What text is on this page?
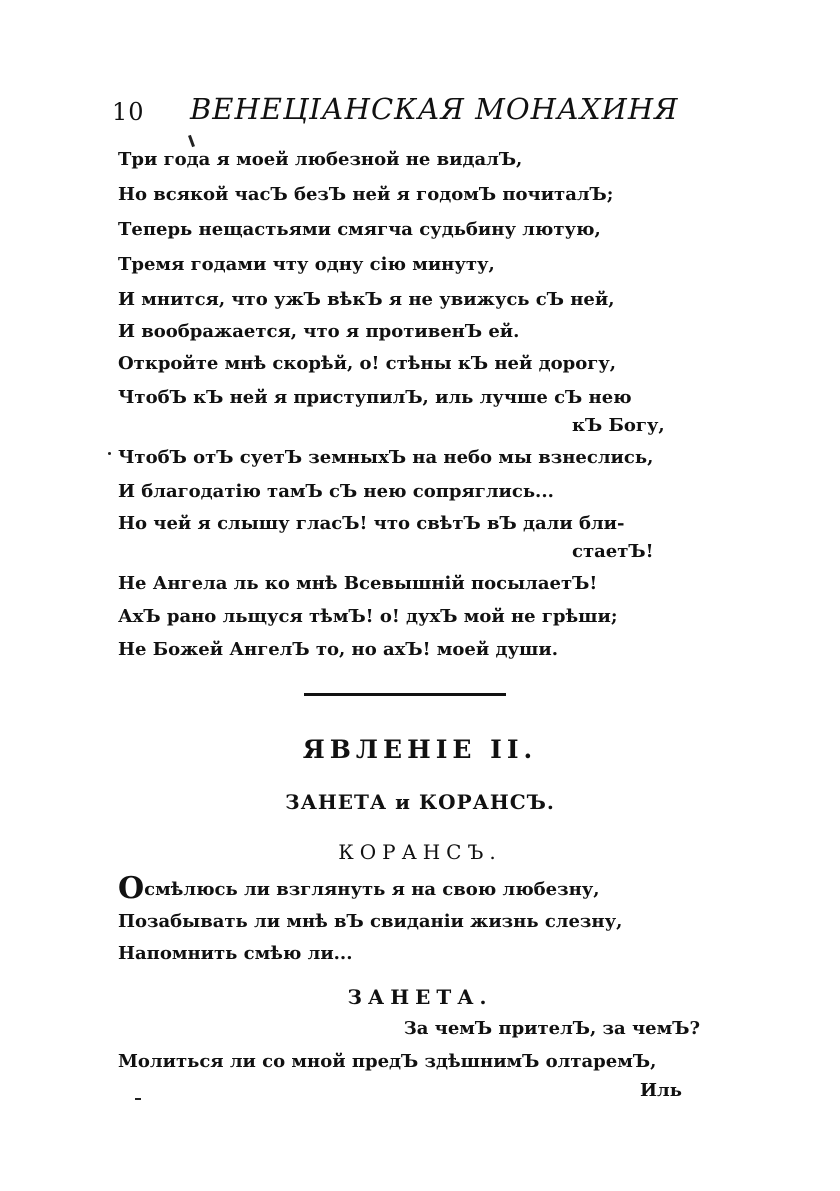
10 ВЕНЕЦIАНСКАЯ МОНАХИНЯ
Три года я моей любезной не видалЪ,
Но всякой часЪ безЪ ней я годомЪ почиталЪ;
Теперь нещастьями смягча судьбину лютую,
Тремя годами чту одну сiю минуту,
И мнится, что ужЪ вѣкЪ я не увижусь сЪ ней,
И воображается, что я противенЪ ей.
Откройте мнѣ скорѣй, о! стѣны кЪ ней дорогу,
ЧтобЪ кЪ ней я приступилЪ, иль лучше сЪ нею
кЪ Богу,
ЧтобЪ отЪ суетЪ земныхЪ на небо мы взнеслись,
И благодатiю тамЪ сЪ нею сопряглись...
Но чей я слышу гласЪ! что свѣтЪ вЪ дали бли-
стаетЪ!
Не Ангела ль ко мнѣ Всевышнiй посылаетЪ!
АхЪ рано льщуся тѣмЪ! о! духЪ мой не грѣши;
Не Божей АнгелЪ то, но ахЪ! моей души.
ЯВЛЕНIЕ II.
ЗАНЕТА и КОРАНСЪ.
КОРАНСЪ.
Осмѣлюсь ли взглянуть я на свою любезну,
Позабывать ли мнѣ вЪ свиданiи жизнь слезну,
Напомнить смѣю ли...
ЗАНЕТА.
За чемЪ прителЪ, за чемЪ?
Молиться ли со мной предЪ здѣшнимЪ олтаремЪ,
Иль
